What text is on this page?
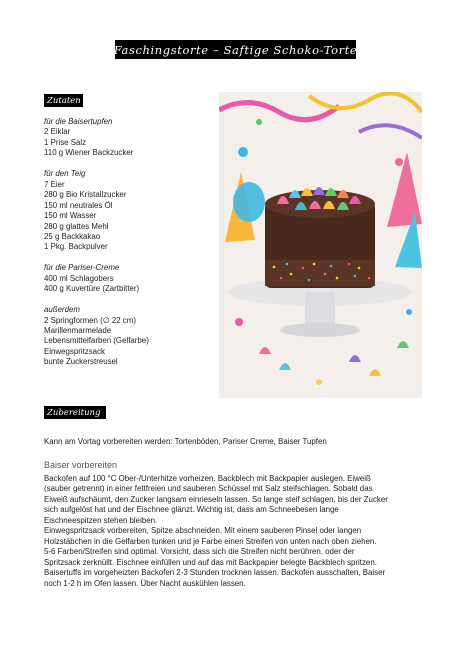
Faschingstorte – Saftige Schoko-Torte
Zutaten
für die Baisertupfen
2 Eiklar
1 Prise Salz
110 g Wiener Backzucker
für den Teig
7 Eier
280 g Bio Kristallzucker
150 ml neutrales Öl
150 ml Wasser
280 g glattes Mehl
25 g Backkakao
1 Pkg. Backpulver
für die Pariser-Creme
400 ml Schlagobers
400 g Kuvertüre (Zartbitter)
außerdem
2 Springformen (∅ 22 cm)
Marillenmarmelade
Lebensmittelfarben (Gelfarbe)
Einwegspritzsack
bunte Zuckerstreusel
Zubereitung
Kann am Vortag vorbereiten werden: Tortenböden, Pariser Creme, Baiser Tupfen
Baiser vorbereiten
Backofen auf 100 °C Ober-/Unterhitze vorheizen. Backblech mit Backpapier auslegen. Eiweiß
(sauber getrennt) in einer fettfreien und sauberen Schüssel mit Salz steifschlagen. Sobald das
Eiweiß aufschäumt, den Zucker langsam einrieseln lassen. So lange steif schlagen, bis der Zucker
sich aufgelöst hat und der Eischnee glänzt. Wichtig ist, dass am Schneebesen lange
Eischneespitzen stehen bleiben.
Einwegspritzsack vorbereiten, Spitze abschneiden. Mit einem sauberen Pinsel oder langen
Holzstäbchen in die Gelfarben tunken und je Farbe einen Streifen von unten nach oben ziehen.
5-6 Farben/Streifen sind optimal. Vorsicht, dass sich die Streifen nicht berühren, oder der
Spritzsack zerknüllt. Eischnee einfüllen und auf das mit Backpapier belegte Backblech spritzen.
Baisertuffs im vorgeheizten Backofen 2-3 Stunden trocknen lassen. Backofen ausschalten, Baiser
noch 1-2 h im Ofen lassen. Über Nacht auskühlen lassen.
